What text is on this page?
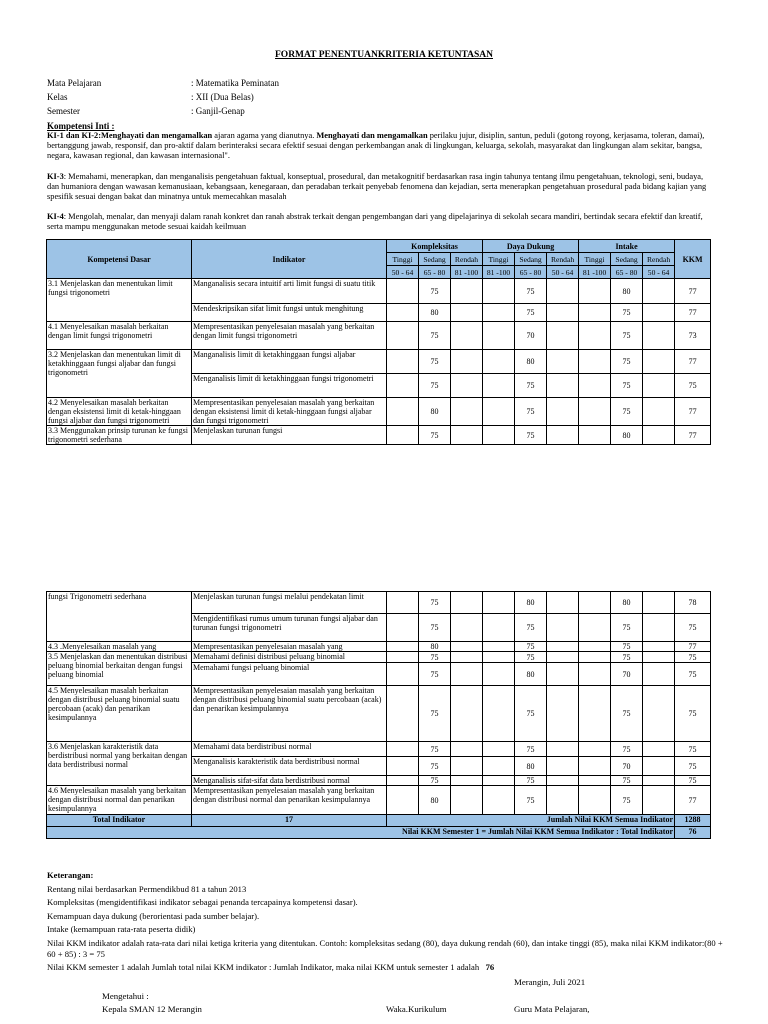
FORMAT PENENTUANKRITERIA KETUNTASAN
Mata Pelajaran	: Matematika Peminatan
Kelas	: XII (Dua Belas)
Semester	: Ganjil-Genap
Kompetensi Inti :
KI-1 dan KI-2:Menghayati dan mengamalkan ajaran agama yang dianutnya. Menghayati dan mengamalkan perilaku jujur, disiplin, santun, peduli (gotong royong, kerjasama, toleran, damai), bertanggung jawab, responsif, dan pro-aktif dalam berinteraksi secara efektif sesuai dengan perkembangan anak di lingkungan, keluarga, sekolah, masyarakat dan lingkungan alam sekitar, bangsa, negara, kawasan regional, dan kawasan internasional".
KI-3: Memahami, menerapkan, dan menganalisis pengetahuan faktual, konseptual, prosedural, dan metakognitif berdasarkan rasa ingin tahunya tentang ilmu pengetahuan, teknologi, seni, budaya, dan humaniora dengan wawasan kemanusiaan, kebangsaan, kenegaraan, dan peradaban terkait penyebab fenomena dan kejadian, serta menerapkan pengetahuan prosedural pada bidang kajian yang spesifik sesuai dengan bakat dan minatnya untuk memecahkan masalah
KI-4: Mengolah, menalar, dan menyaji dalam ranah konkret dan ranah abstrak terkait dengan pengembangan dari yang dipelajarinya di sekolah secara mandiri, bertindak secara efektif dan kreatif, serta mampu menggunakan metode sesuai kaidah keilmuan
Kompetensi Dasar	Indikator	Kompleksitas			Daya Dukung			Intake			KKM
		Tinggi	Sedang	Rendah	Tinggi	Sedang	Rendah	Tinggi	Sedang	Rendah	
		50 - 64	65 - 80	81 -100	81 -100	65 - 80	50 - 64	81 -100	65 - 80	50 - 64	
3.1 Menjelaskan dan menentukan limit fungsi trigonometri	Manganalisis secara intuitif arti limit fungsi di suatu titik		75			75			80		77
	Mendeskripsikan sifat limit fungsi untuk menghitung		80			75			75		77
4.1 Menyelesaikan masalah berkaitan dengan limit fungsi trigonometri	Mempresentasikan penyelesaian masalah yang berkaitan dengan limit fungsi trigonometri		75			70			75		73
3.2 Menjelaskan dan menentukan limit di ketakhinggaan fungsi aljabar dan fungsi trigonometri	Manganalisis limit di ketakhinggaan fungsi aljabar		75			80			75		77
	Menganalisis limit di ketakhinggaan fungsi trigonometri		75			75			75		75
4.2 Menyelesaikan masalah berkaitan dengan eksistensi limit di ketak-hinggaan fungsi aljabar dan fungsi trigonometri	Mempresentasikan penyelesaian masalah yang berkaitan dengan eksistensi limit di ketak-hinggaan fungsi aljabar dan fungsi trigonometri		80			75			75		77
3.3 Menggunakan prinsip turunan ke fungsi trigonometri sederhana	Menjelaskan turunan fungsi		75			75			80		77
fungsi Trigonometri sederhana	Menjelaskan turunan fungsi melalui pendekatan limit		75			80			80		78
	Mengidentifikasi rumus umum turunan fungsi aljabar dan turunan fungsi trigonometri		75			75			75		75
4.3 .Menyelesaikan masalah yang	Mempresentasikan penyelesaian masalah yang		80			75			75		77
3.5 Menjelaskan dan menentukan distribusi peluang binomial berkaitan dengan fungsi peluang binomial	Memahami definisi distribusi peluang binomial		75			75			75		75
	Memahami fungsi peluang binomial		75			80			70		75
4.5 Menyelesaikan masalah berkaitan dengan distribusi peluang binomial suatu percobaan (acak) dan penarikan kesimpulannya	Mempresentasikan penyelesaian masalah yang berkaitan dengan distribusi peluang binomial suatu percobaan (acak) dan penarikan kesimpulannya		75			75			75		75
3.6 Menjelaskan karakteristik data berdistribusi normal yang berkaitan dengan data berdistribusi normal	Memahami data berdistribusi normal		75			75			75		75
	Menganalisis karakteristik data berdistribusi normal		75			80			70		75
	Menganalisis sifat-sifat data berdistribusi normal		75			75			75		75
4.6 Menyelesaikan masalah yang berkaitan dengan distribusi normal dan penarikan kesimpulannya	Mempresentasikan penyelesaian masalah yang berkaitan dengan distribusi normal dan penarikan kesimpulannya		80			75			75		77
Total Indikator	17	Jumlah Nilai KKM Semua Indikator									1288
Nilai KKM Semester 1 = Jumlah Nilai KKM Semua Indikator : Total Indikator											76

Keterangan:

Rentang nilai berdasarkan Permendikbud 81 a tahun 2013

Kompleksitas (mengidentifikasi indikator sebagai penanda tercapainya kompetensi dasar).

Kemampuan daya dukung (berorientasi pada sumber belajar).

Intake (kemampuan rata-rata peserta didik)

Nilai KKM indikator adalah rata-rata dari nilai ketiga kriteria yang ditentukan. Contoh: kompleksitas sedang (80), daya dukung rendah (60), dan intake tinggi (85), maka nilai KKM indikator:(80 + 60 + 85) : 3 = 75

Nilai KKM semester 1 adalah Jumlah total nilai KKM indikator : Jumlah Indikator, maka nilai KKM untuk semester 1 adalah 76

Merangin, Juli 2021
Mengetahui :
Kepala SMAN 12 Merangin	Waka.Kurikulum	Guru Mata Pelajaran,
